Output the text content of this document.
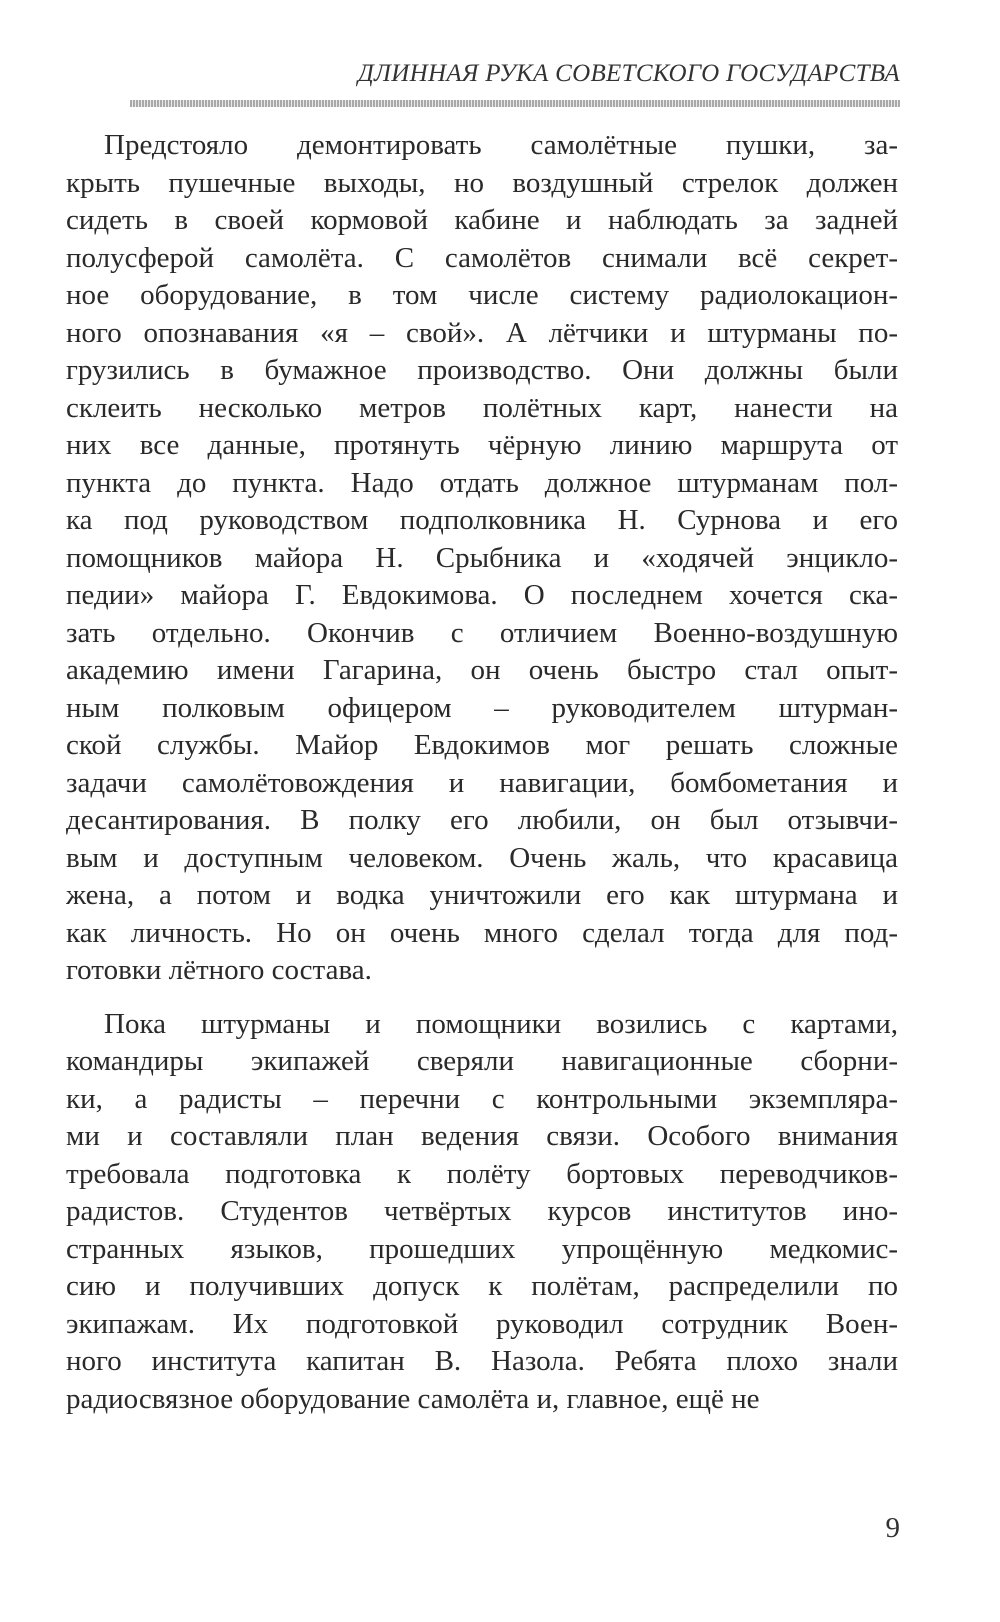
ДЛИННАЯ РУКА СОВЕТСКОГО ГОСУДАРСТВА
Предстояло демонтировать самолётные пушки, за-
крыть пушечные выходы, но воздушный стрелок должен
сидеть в своей кормовой кабине и наблюдать за задней
полусферой самолёта. С самолётов снимали всё секрет-
ное оборудование, в том числе систему радиолокацион-
ного опознавания «я – свой». А лётчики и штурманы по-
грузились в бумажное производство. Они должны были
склеить несколько метров полётных карт, нанести на
них все данные, протянуть чёрную линию маршрута от
пункта до пункта. Надо отдать должное штурманам пол-
ка под руководством подполковника Н. Сурнова и его
помощников майора Н. Срыбника и «ходячей энцикло-
педии» майора Г. Евдокимова. О последнем хочется ска-
зать отдельно. Окончив с отличием Военно-воздушную
академию имени Гагарина, он очень быстро стал опыт-
ным полковым офицером – руководителем штурман-
ской службы. Майор Евдокимов мог решать сложные
задачи самолётовождения и навигации, бомбометания и
десантирования. В полку его любили, он был отзывчи-
вым и доступным человеком. Очень жаль, что красавица
жена, а потом и водка уничтожили его как штурмана и
как личность. Но он очень много сделал тогда для под-
готовки лётного состава.
Пока штурманы и помощники возились с картами,
командиры экипажей сверяли навигационные сборни-
ки, а радисты – перечни с контрольными экземпляра-
ми и составляли план ведения связи. Особого внимания
требовала подготовка к полёту бортовых переводчиков-
радистов. Студентов четвёртых курсов институтов ино-
странных языков, прошедших упрощённую медкомис-
сию и получивших допуск к полётам, распределили по
экипажам. Их подготовкой руководил сотрудник Воен-
ного института капитан В. Назола. Ребята плохо знали
радиосвязное оборудование самолёта и, главное, ещё не
9
